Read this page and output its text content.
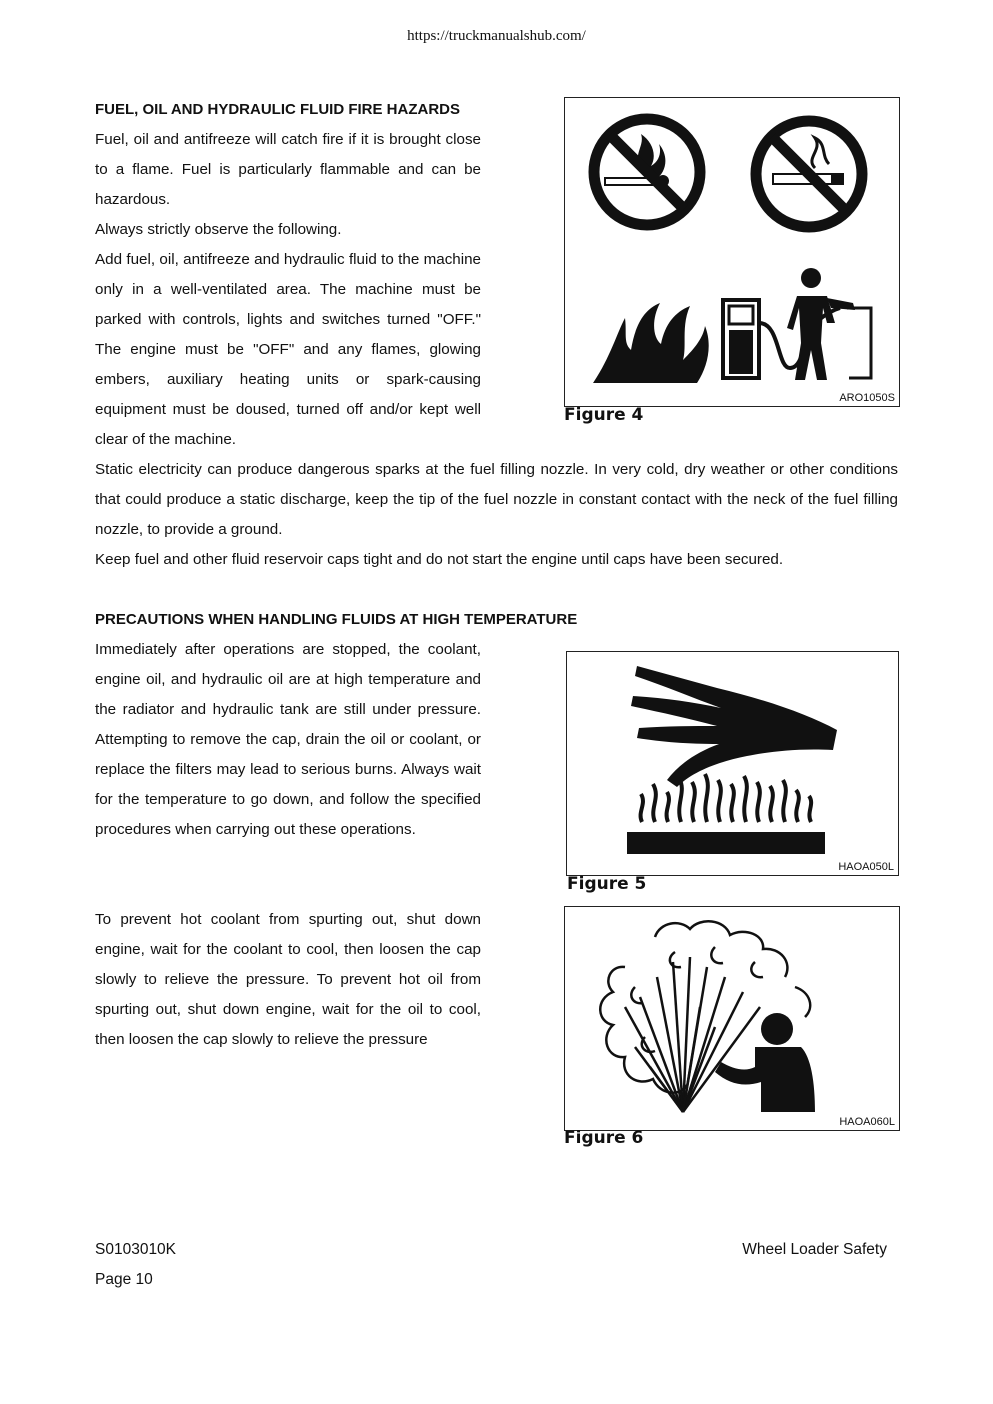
https://truckmanualshub.com/
FUEL, OIL AND HYDRAULIC FLUID FIRE HAZARDS

Fuel, oil and antifreeze will catch fire if it is brought close to a flame. Fuel is particularly flammable and can be hazardous.

Always strictly observe the following.

Add fuel, oil, antifreeze and hydraulic fluid to the machine only in a well-ventilated area. The machine must be parked with controls, lights and switches turned "OFF." The engine must be "OFF" and any flames, glowing embers, auxiliary heating units or spark-causing equipment must be doused, turned off and/or kept well clear of the machine.

Static electricity can produce dangerous sparks at the fuel filling nozzle. In very cold, dry weather or other conditions that could produce a static discharge, keep the tip of the fuel nozzle in constant contact with the neck of the fuel filling nozzle, to provide a ground.

Keep fuel and other fluid reservoir caps tight and do not start the engine until caps have been secured.

ARO1050S
Figure 4
PRECAUTIONS WHEN HANDLING FLUIDS AT HIGH TEMPERATURE
Immediately after operations are stopped, the coolant, engine oil, and hydraulic oil are at high temperature and the radiator and hydraulic tank are still under pressure. Attempting to remove the cap, drain the oil or coolant, or replace the filters may lead to serious burns. Always wait for the temperature to go down, and follow the specified procedures when carrying out these operations.
To prevent hot coolant from spurting out, shut down engine, wait for the coolant to cool, then loosen the cap slowly to relieve the pressure. To prevent hot oil from spurting out, shut down engine, wait for the oil to cool, then loosen the cap slowly to relieve the pressure
HAOA050L
Figure 5
HAOA060L
Figure 6
S0103010K
Page 10
Wheel Loader Safety
